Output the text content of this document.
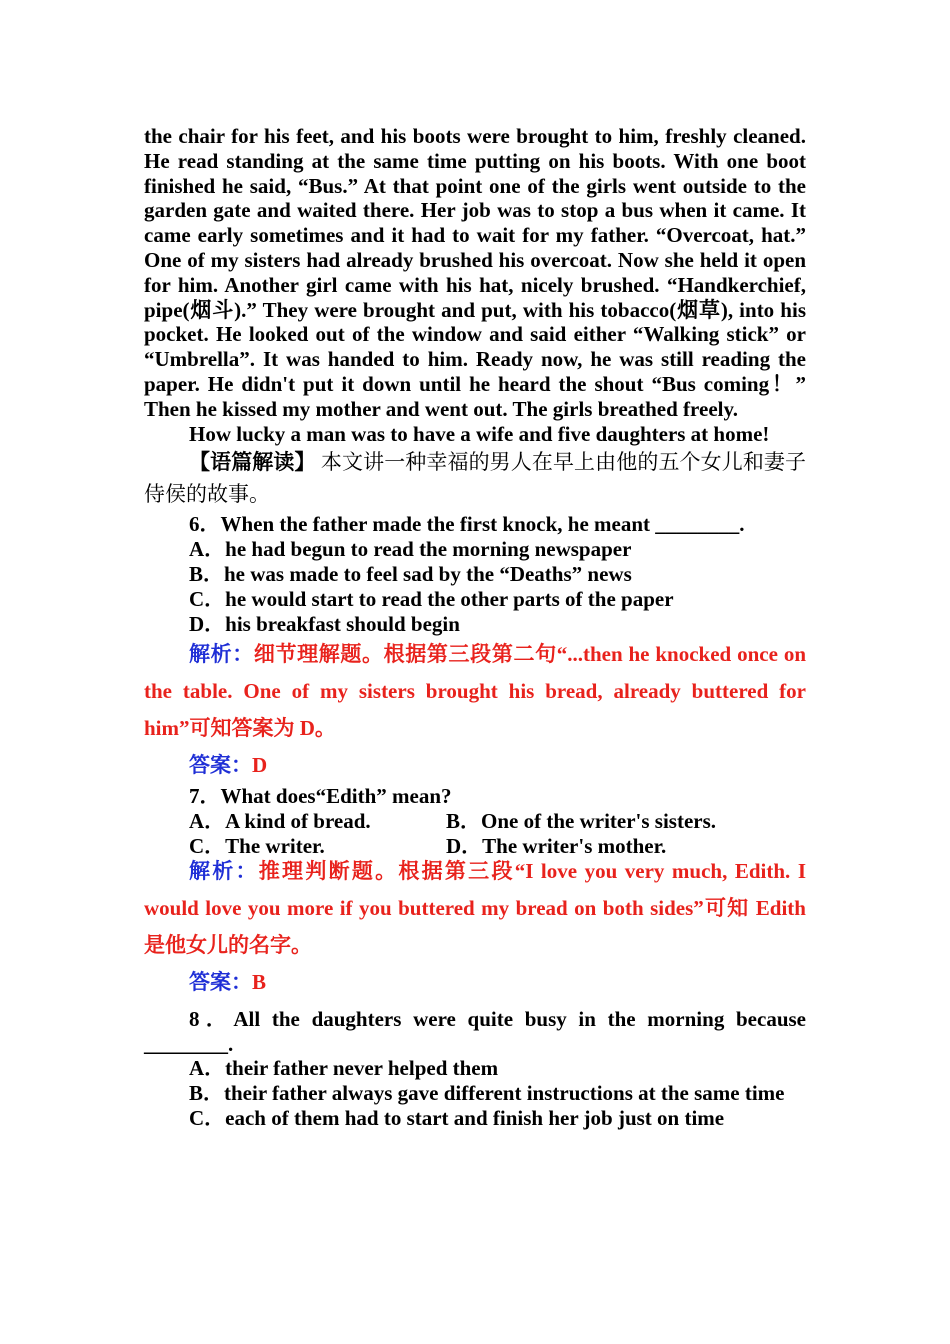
the chair for his feet, and his boots were brought to him, freshly cleaned. He read standing at the same time putting on his boots. With one boot finished he said, “Bus.” At that point one of the girls went outside to the garden gate and waited there. Her job was to stop a bus when it came. It came early sometimes and it had to wait for my father. “Overcoat, hat.” One of my sisters had already brushed his overcoat. Now she held it open for him. Another girl came with his hat, nicely brushed. “Handkerchief, pipe(烟斗).” They were brought and put, with his tobacco(烟草), into his pocket. He looked out of the window and said either “Walking stick” or “Umbrella”. It was handed to him. Ready now, he was still reading the paper. He didn't put it down until he heard the shout “Bus coming！” Then he kissed my mother and went out. The girls breathed freely.

How lucky a man was to have a wife and five daughters at home!

【语篇解读】 本文讲一种幸福的男人在早上由他的五个女儿和妻子侍侯的故事。

6．When the father made the first knock, he meant ________.

A．he had begun to read the morning newspaper

B．he was made to feel sad by the “Deaths” news

C．he would start to read the other parts of the paper

D．his breakfast should begin

解析：细节理解题。根据第三段第二句“...then he knocked once on the table. One of my sisters brought his bread, already buttered for him”可知答案为 D。

答案：D

7．What does“Edith” mean?

A．A kind of bread.	B．One of the writer's sisters.
C．The writer.	D．The writer's mother.

解析：推理判断题。根据第三段“I love you very much, Edith. I would love you more if you buttered my bread on both sides”可知 Edith 是他女儿的名字。

答案：B

8．All the daughters were quite busy in the morning because ________.

A．their father never helped them

B．their father always gave different instructions at the same time

C．each of them had to start and finish her job just on time
